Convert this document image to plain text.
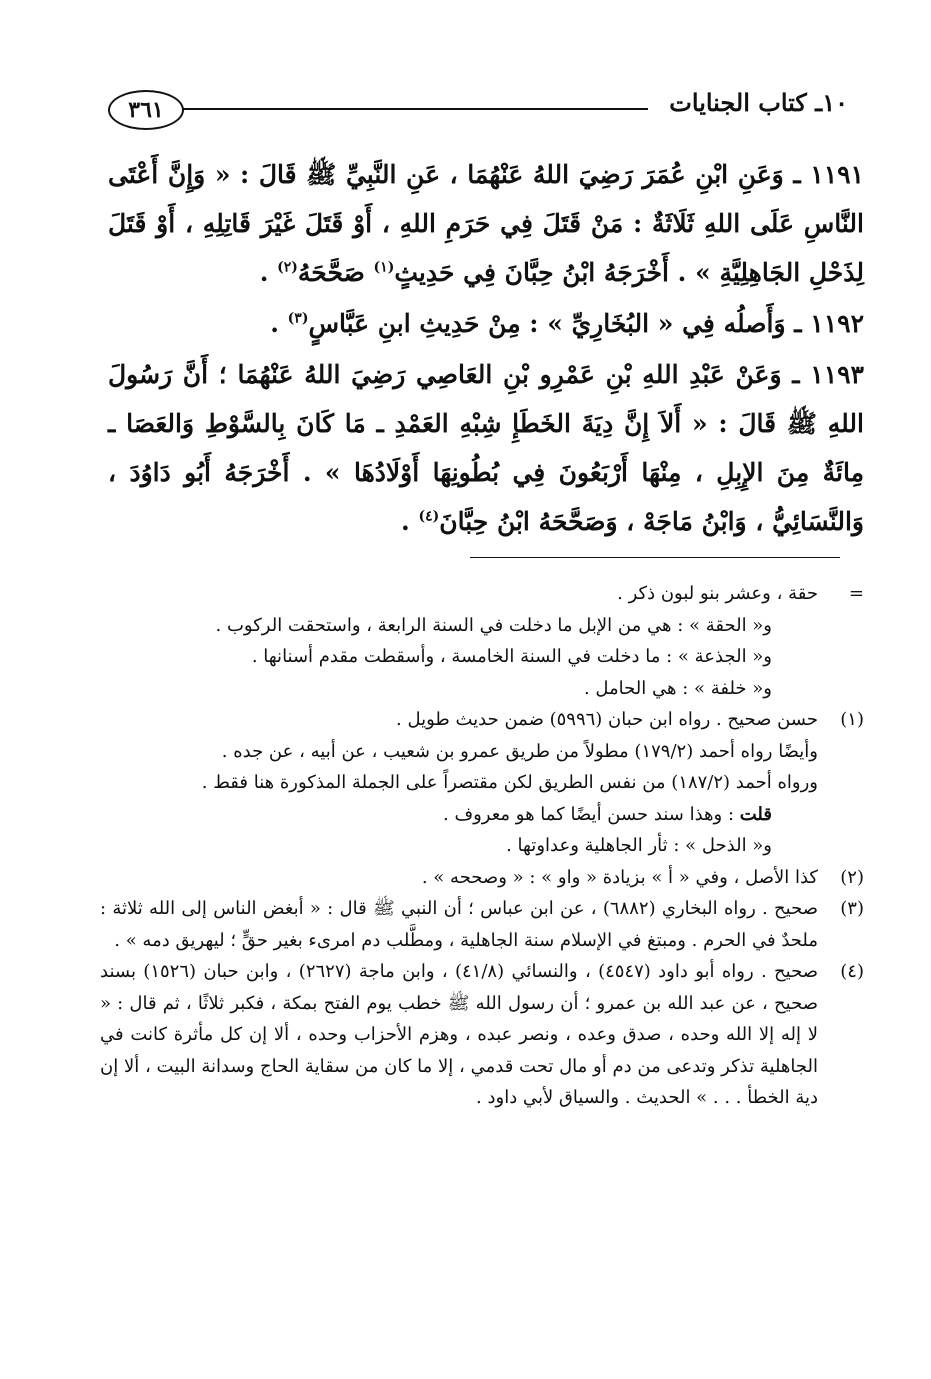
٣٦١	١٠ـ كتاب الجنايات

١١٩١ ـ وَعَنِ ابْنِ عُمَرَ رَضِيَ اللهُ عَنْهُمَا ، عَنِ النَّبِيِّ ﷺ قَالَ : « وَإِنَّ أَعْتَى النَّاسِ عَلَى اللهِ ثَلَاثَةٌ : مَنْ قَتَلَ فِي حَرَمِ اللهِ ، أَوْ قَتَلَ غَيْرَ قَاتِلِهِ ، أَوْ قَتَلَ لِذَحْلِ الجَاهِلِيَّةِ » . أَخْرَجَهُ ابْنُ حِبَّانَ فِي حَدِيثٍ$^{(١)}$ صَحَّحَهُ$^{(٢)}$ .

١١٩٢ ـ وَأَصلُه فِي « البُخَارِيِّ » : مِنْ حَدِيثِ ابنِ عَبَّاسٍ$^{(٣)}$ .

١١٩٣ ـ وَعَنْ عَبْدِ اللهِ بْنِ عَمْرِو بْنِ العَاصِي رَضِيَ اللهُ عَنْهُمَا ؛ أَنَّ رَسُولَ اللهِ ﷺ قَالَ : « أَلاَ إِنَّ دِيَةَ الخَطَإِ شِبْهِ العَمْدِ ـ مَا كَانَ بِالسَّوْطِ وَالعَصَا ـ مِائَةٌ مِنَ الإِبِلِ ، مِنْهَا أَرْبَعُونَ فِي بُطُونِهَا أَوْلَادُهَا » . أَخْرَجَهُ أَبُو دَاوُدَ ، وَالنَّسَائِيُّ ، وَابْنُ مَاجَهْ ، وَصَحَّحَهُ ابْنُ حِبَّانَ$^{(٤)}$ .

=

حقة ، وعشر بنو لبون ذكر .

و« الحقة » : هي من الإبل ما دخلت في السنة الرابعة ، واستحقت الركوب .

و« الجذعة » : ما دخلت في السنة الخامسة ، وأسقطت مقدم أسنانها .

و« خلفة » : هي الحامل .

(١)

حسن صحيح . رواه ابن حبان (٥٩٩٦) ضمن حديث طويل .

وأيضًا رواه أحمد (١٧٩/٢) مطولاً من طريق عمرو بن شعيب ، عن أبيه ، عن جده .

ورواه أحمد (١٨٧/٢) من نفس الطريق لكن مقتصراً على الجملة المذكورة هنا فقط .

قلت : وهذا سند حسن أيضًا كما هو معروف .

و« الذحل » : ثأر الجاهلية وعداوتها .

(٢)

كذا الأصل ، وفي « أ » بزيادة « واو » : « وصححه » .

(٣)

صحيح . رواه البخاري (٦٨٨٢) ، عن ابن عباس ؛ أن النبي ﷺ قال : « أبغض الناس إلى الله ثلاثة : ملحدٌ في الحرم . ومبتغ في الإسلام سنة الجاهلية ، ومطَّلب دم امرىء بغير حقٍّ ؛ ليهريق دمه » .

(٤)

صحيح . رواه أبو داود (٤٥٤٧) ، والنسائي (٤١/٨) ، وابن ماجة (٢٦٢٧) ، وابن حبان (١٥٢٦) بسند صحيح ، عن عبد الله بن عمرو ؛ أن رسول الله ﷺ خطب يوم الفتح بمكة ، فكبر ثلاثًا ، ثم قال : « لا إله إلا الله وحده ، صدق وعده ، ونصر عبده ، وهزم الأحزاب وحده ، ألا إن كل مأثرة كانت في الجاهلية تذكر وتدعى من دم أو مال تحت قدمي ، إلا ما كان من سقاية الحاج وسدانة البيت ، ألا إن دية الخطأ . . . » الحديث . والسياق لأبي داود .
